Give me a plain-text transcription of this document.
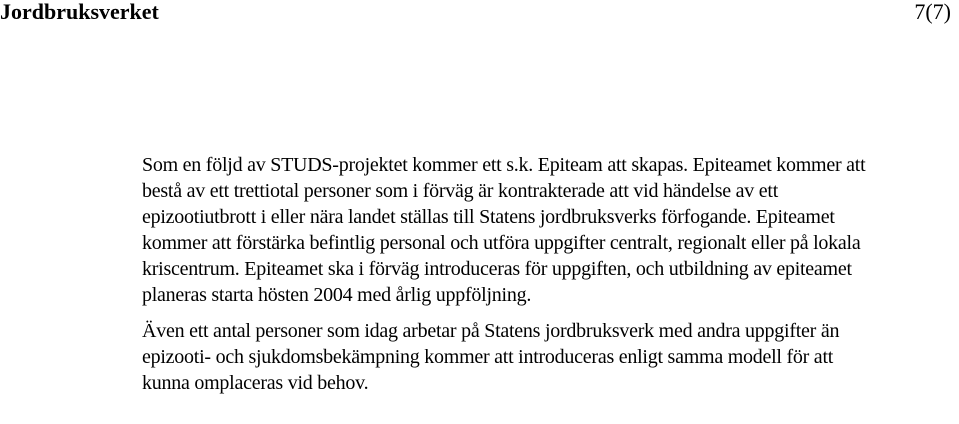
Jordbruksverket	7(7)

Som en följd av STUDS-projektet kommer ett s.k. Epiteam att skapas. Epiteamet kommer att bestå av ett trettiotal personer som i förväg är kontrakterade att vid händelse av ett epizootiutbrott i eller nära landet ställas till Statens jordbruksverks förfogande. Epiteamet kommer att förstärka befintlig personal och utföra uppgifter centralt, regionalt eller på lokala kriscentrum. Epiteamet ska i förväg introduceras för uppgiften, och utbildning av epiteamet planeras starta hösten 2004 med årlig uppföljning.

Även ett antal personer som idag arbetar på Statens jordbruksverk med andra uppgifter än epizooti- och sjukdomsbekämpning kommer att introduceras enligt samma modell för att kunna omplaceras vid behov.
